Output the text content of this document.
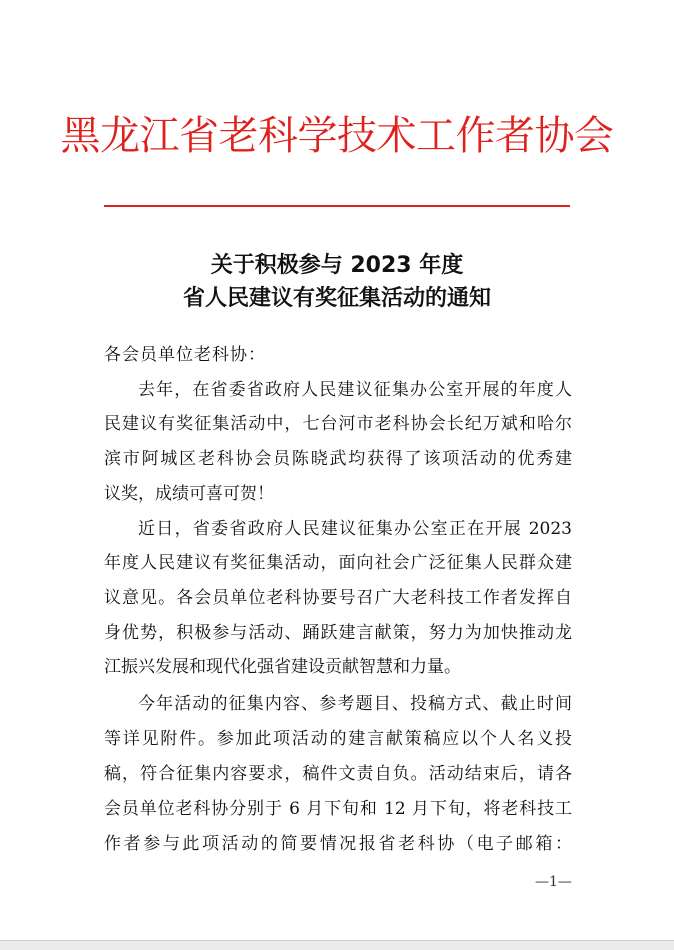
黑龙江省老科学技术工作者协会
关于积极参与 2023 年度
省人民建议有奖征集活动的通知
各会员单位老科协：
去年，在省委省政府人民建议征集办公室开展的年度人
民建议有奖征集活动中，七台河市老科协会长纪万斌和哈尔
滨市阿城区老科协会员陈晓武均获得了该项活动的优秀建
议奖，成绩可喜可贺！
近日，省委省政府人民建议征集办公室正在开展 2023
年度人民建议有奖征集活动，面向社会广泛征集人民群众建
议意见。各会员单位老科协要号召广大老科技工作者发挥自
身优势，积极参与活动、踊跃建言献策，努力为加快推动龙
江振兴发展和现代化强省建设贡献智慧和力量。
今年活动的征集内容、参考题目、投稿方式、截止时间
等详见附件。参加此项活动的建言献策稿应以个人名义投
稿，符合征集内容要求，稿件文责自负。活动结束后，请各
会员单位老科协分别于 6 月下旬和 12 月下旬，将老科技工
作者参与此项活动的简要情况报省老科协（电子邮箱：
—1—
